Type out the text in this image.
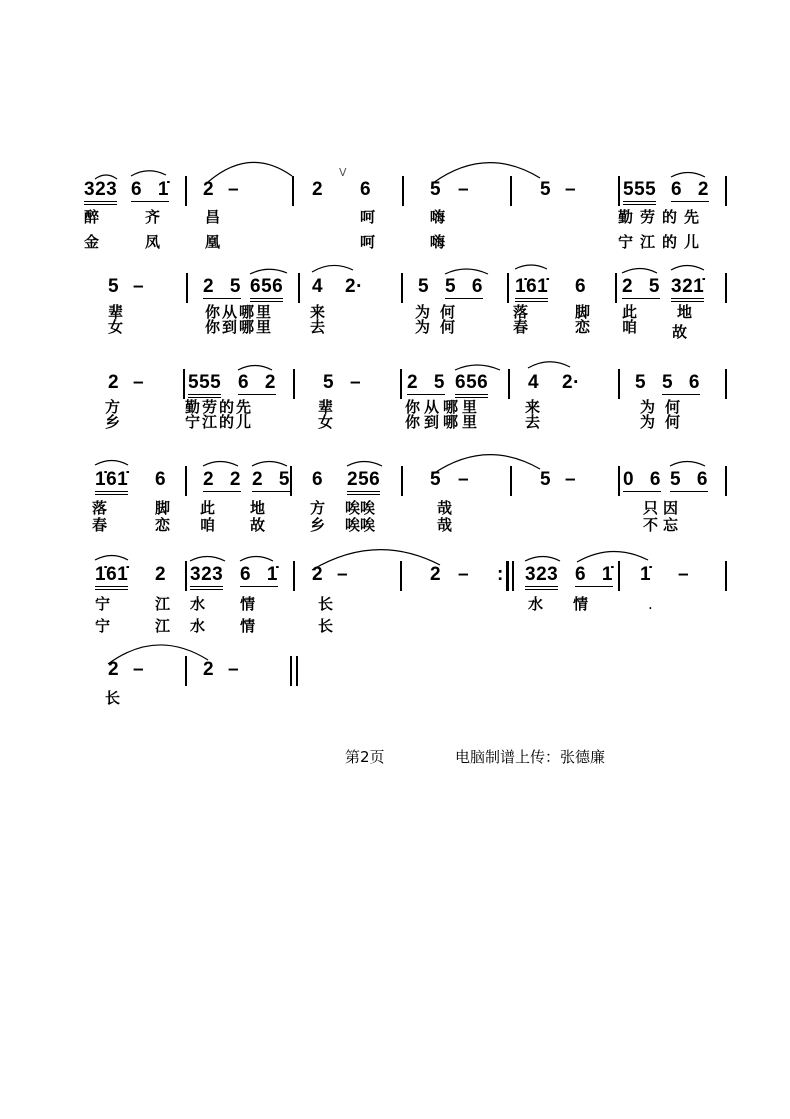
323 6 1̇ 2 –	2
V
6	5 –	5 – 555 6 2
醉	齐	昌	呵	嗨	勤劳的先
金	凤	凰	呵	嗨	宁江的儿
5 –	2 5 656 4 2·	5 5 6 1̇61̇ 6 2 5 321̇
辈	你从哪里 来	为 何	落	脚 此	地
女	你到哪里 去	为 何	春	恋 咱 故
2 – 555 6 2 5 – 2 5 656 4 2·	5 5 6
方	勤劳的先	辈	你从哪里	来	为 何
乡	宁江的儿	女	你到哪里	去	为 何
1̇61̇ 6 2 2 2 5 6 256	5 –	5 – 0 6 5 6
落	脚 此 地	方 唉唉	哉	只因
春	恋 咱 故	乡 唉唉	哉	不忘
1̇61̇ 2 323 6 1̇ 2 –	2 – : 323 6 1̇ 1̇ –
宁	江 水 情	长	水 情	.
宁	江 水 情	长
2 –	2 –
长
第2页	电脑制谱上传：张德廉
